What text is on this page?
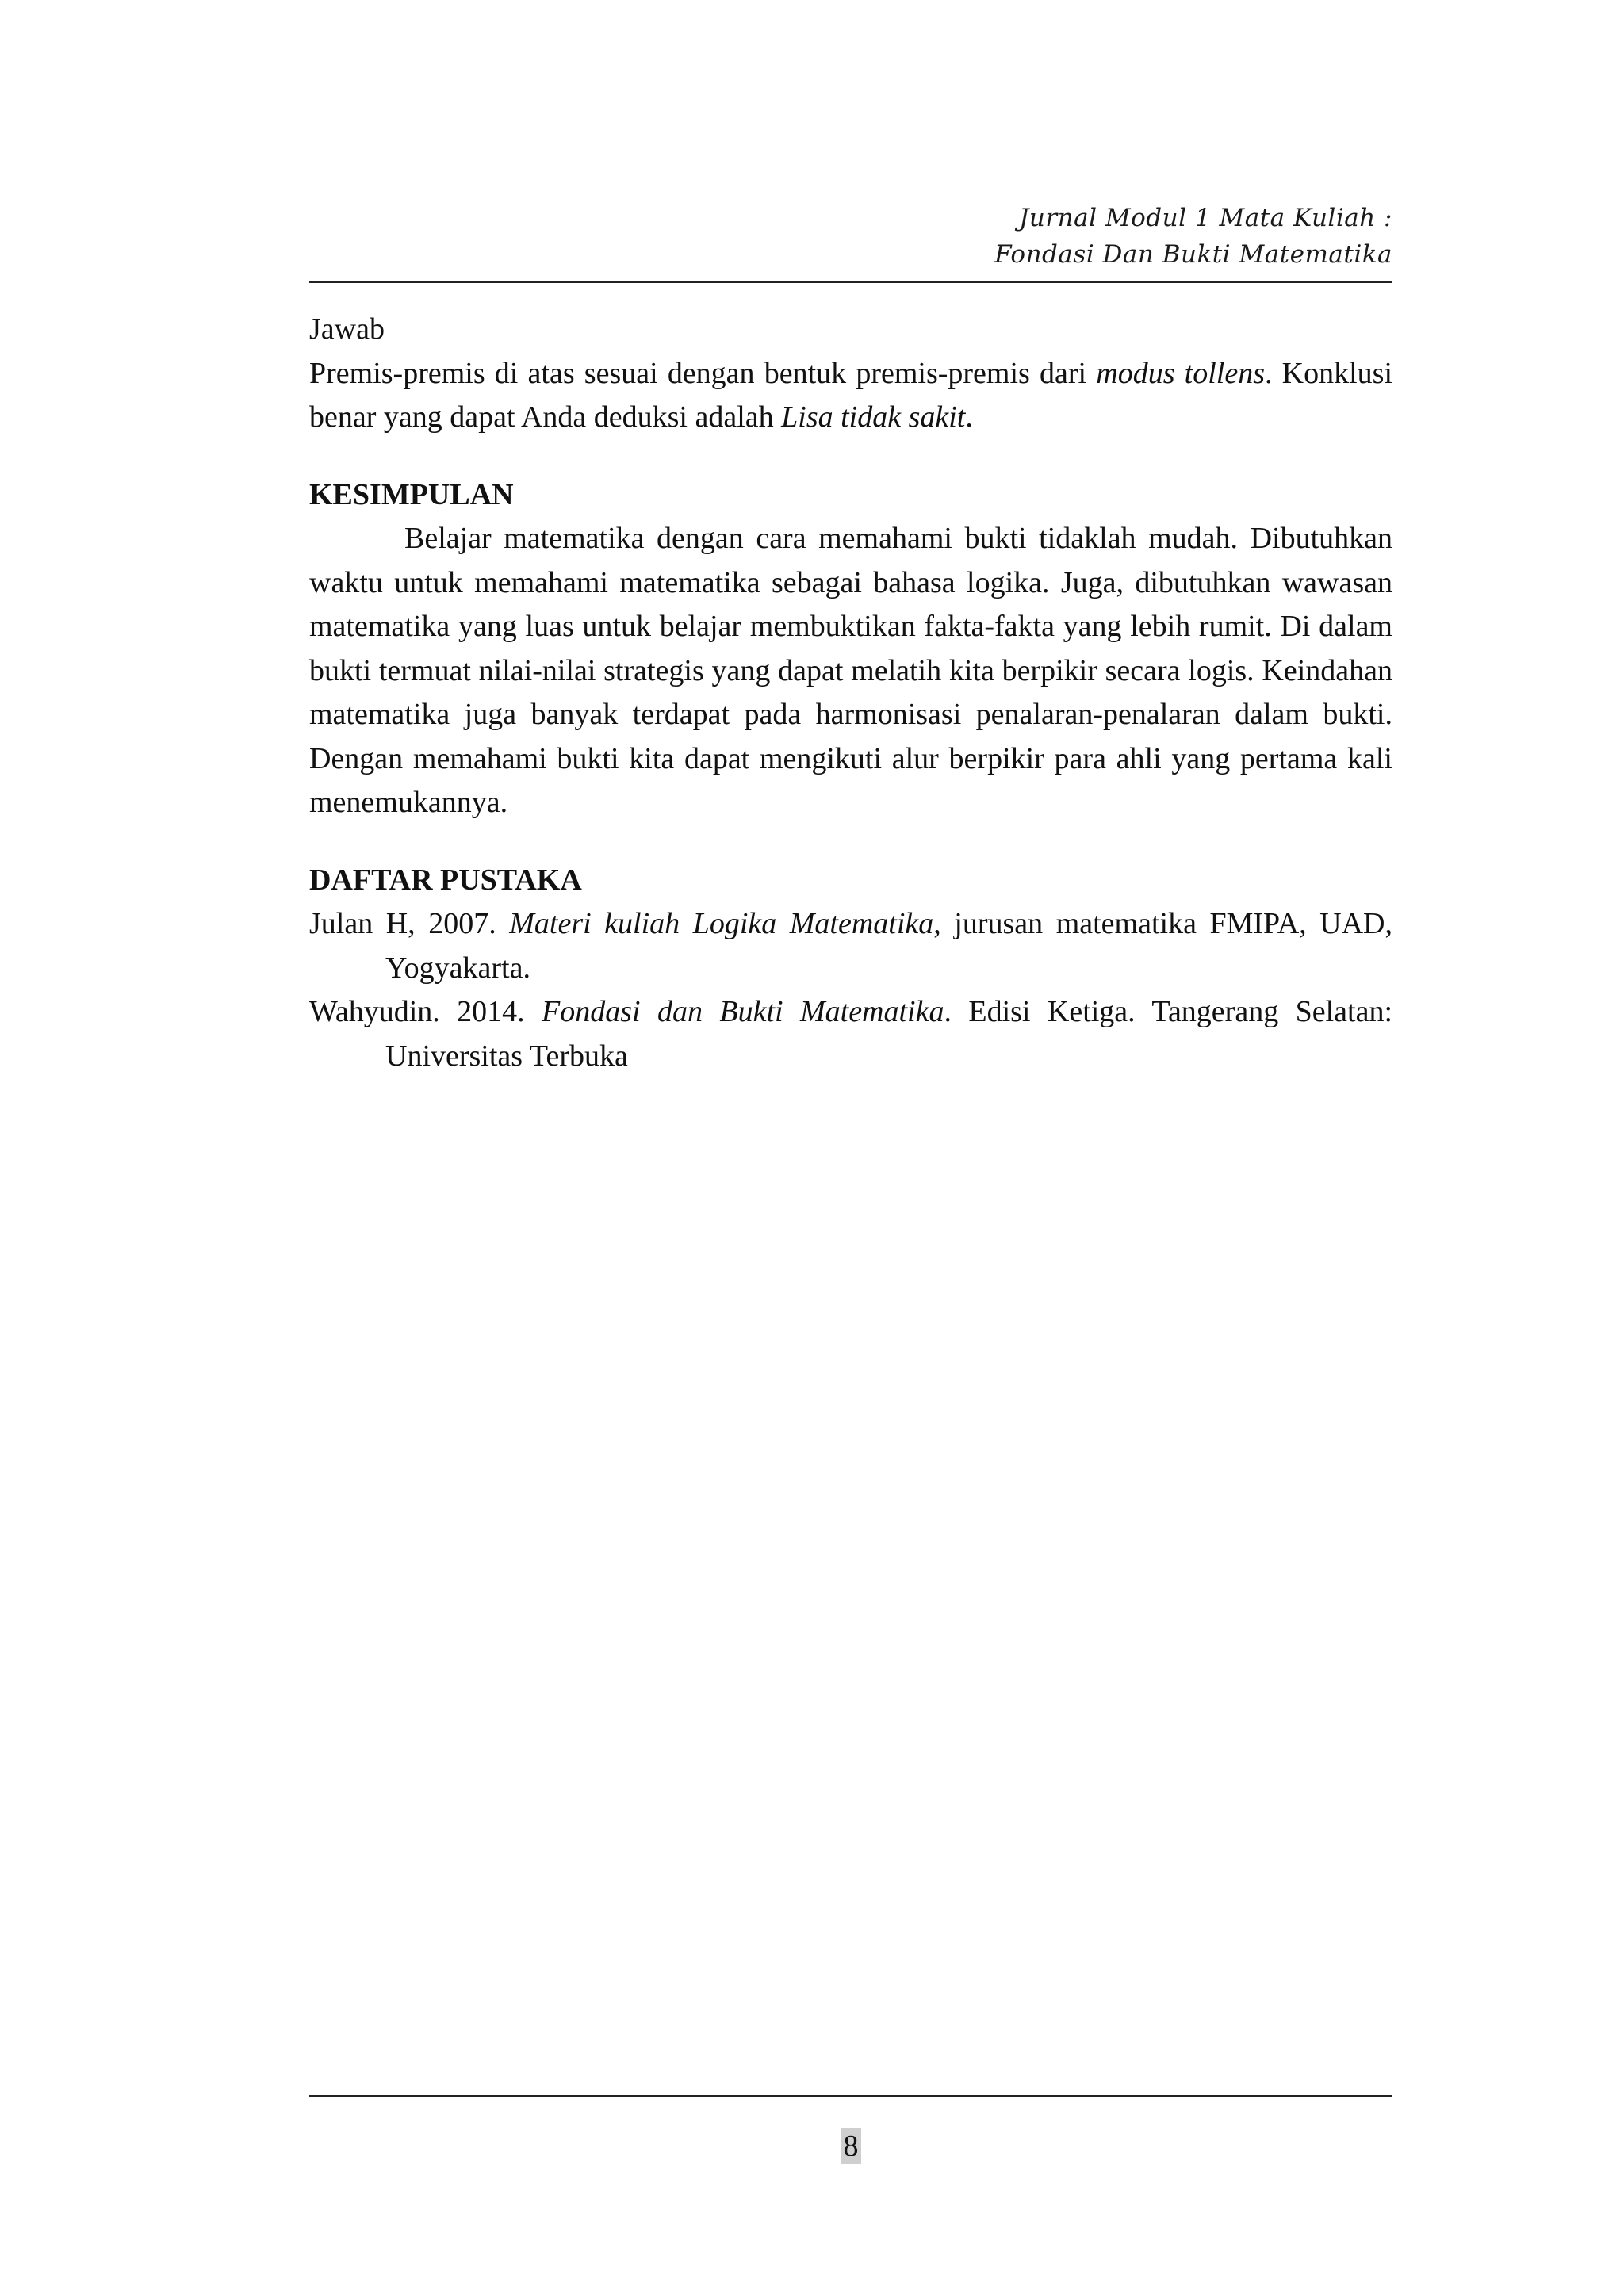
Jurnal Modul 1 Mata Kuliah :
Fondasi Dan Bukti Matematika

Jawab

Premis-premis di atas sesuai dengan bentuk premis-premis dari modus tollens. Konklusi benar yang dapat Anda deduksi adalah Lisa tidak sakit.

KESIMPULAN

Belajar matematika dengan cara memahami bukti tidaklah mudah. Dibutuhkan waktu untuk memahami matematika sebagai bahasa logika. Juga, dibutuhkan wawasan matematika yang luas untuk belajar membuktikan fakta-fakta yang lebih rumit. Di dalam bukti termuat nilai-nilai strategis yang dapat melatih kita berpikir secara logis. Keindahan matematika juga banyak terdapat pada harmonisasi penalaran-penalaran dalam bukti. Dengan memahami bukti kita dapat mengikuti alur berpikir para ahli yang pertama kali menemukannya.

DAFTAR PUSTAKA

Julan H, 2007. Materi kuliah Logika Matematika, jurusan matematika FMIPA, UAD, Yogyakarta.

Wahyudin. 2014. Fondasi dan Bukti Matematika. Edisi Ketiga. Tangerang Selatan: Universitas Terbuka

8
